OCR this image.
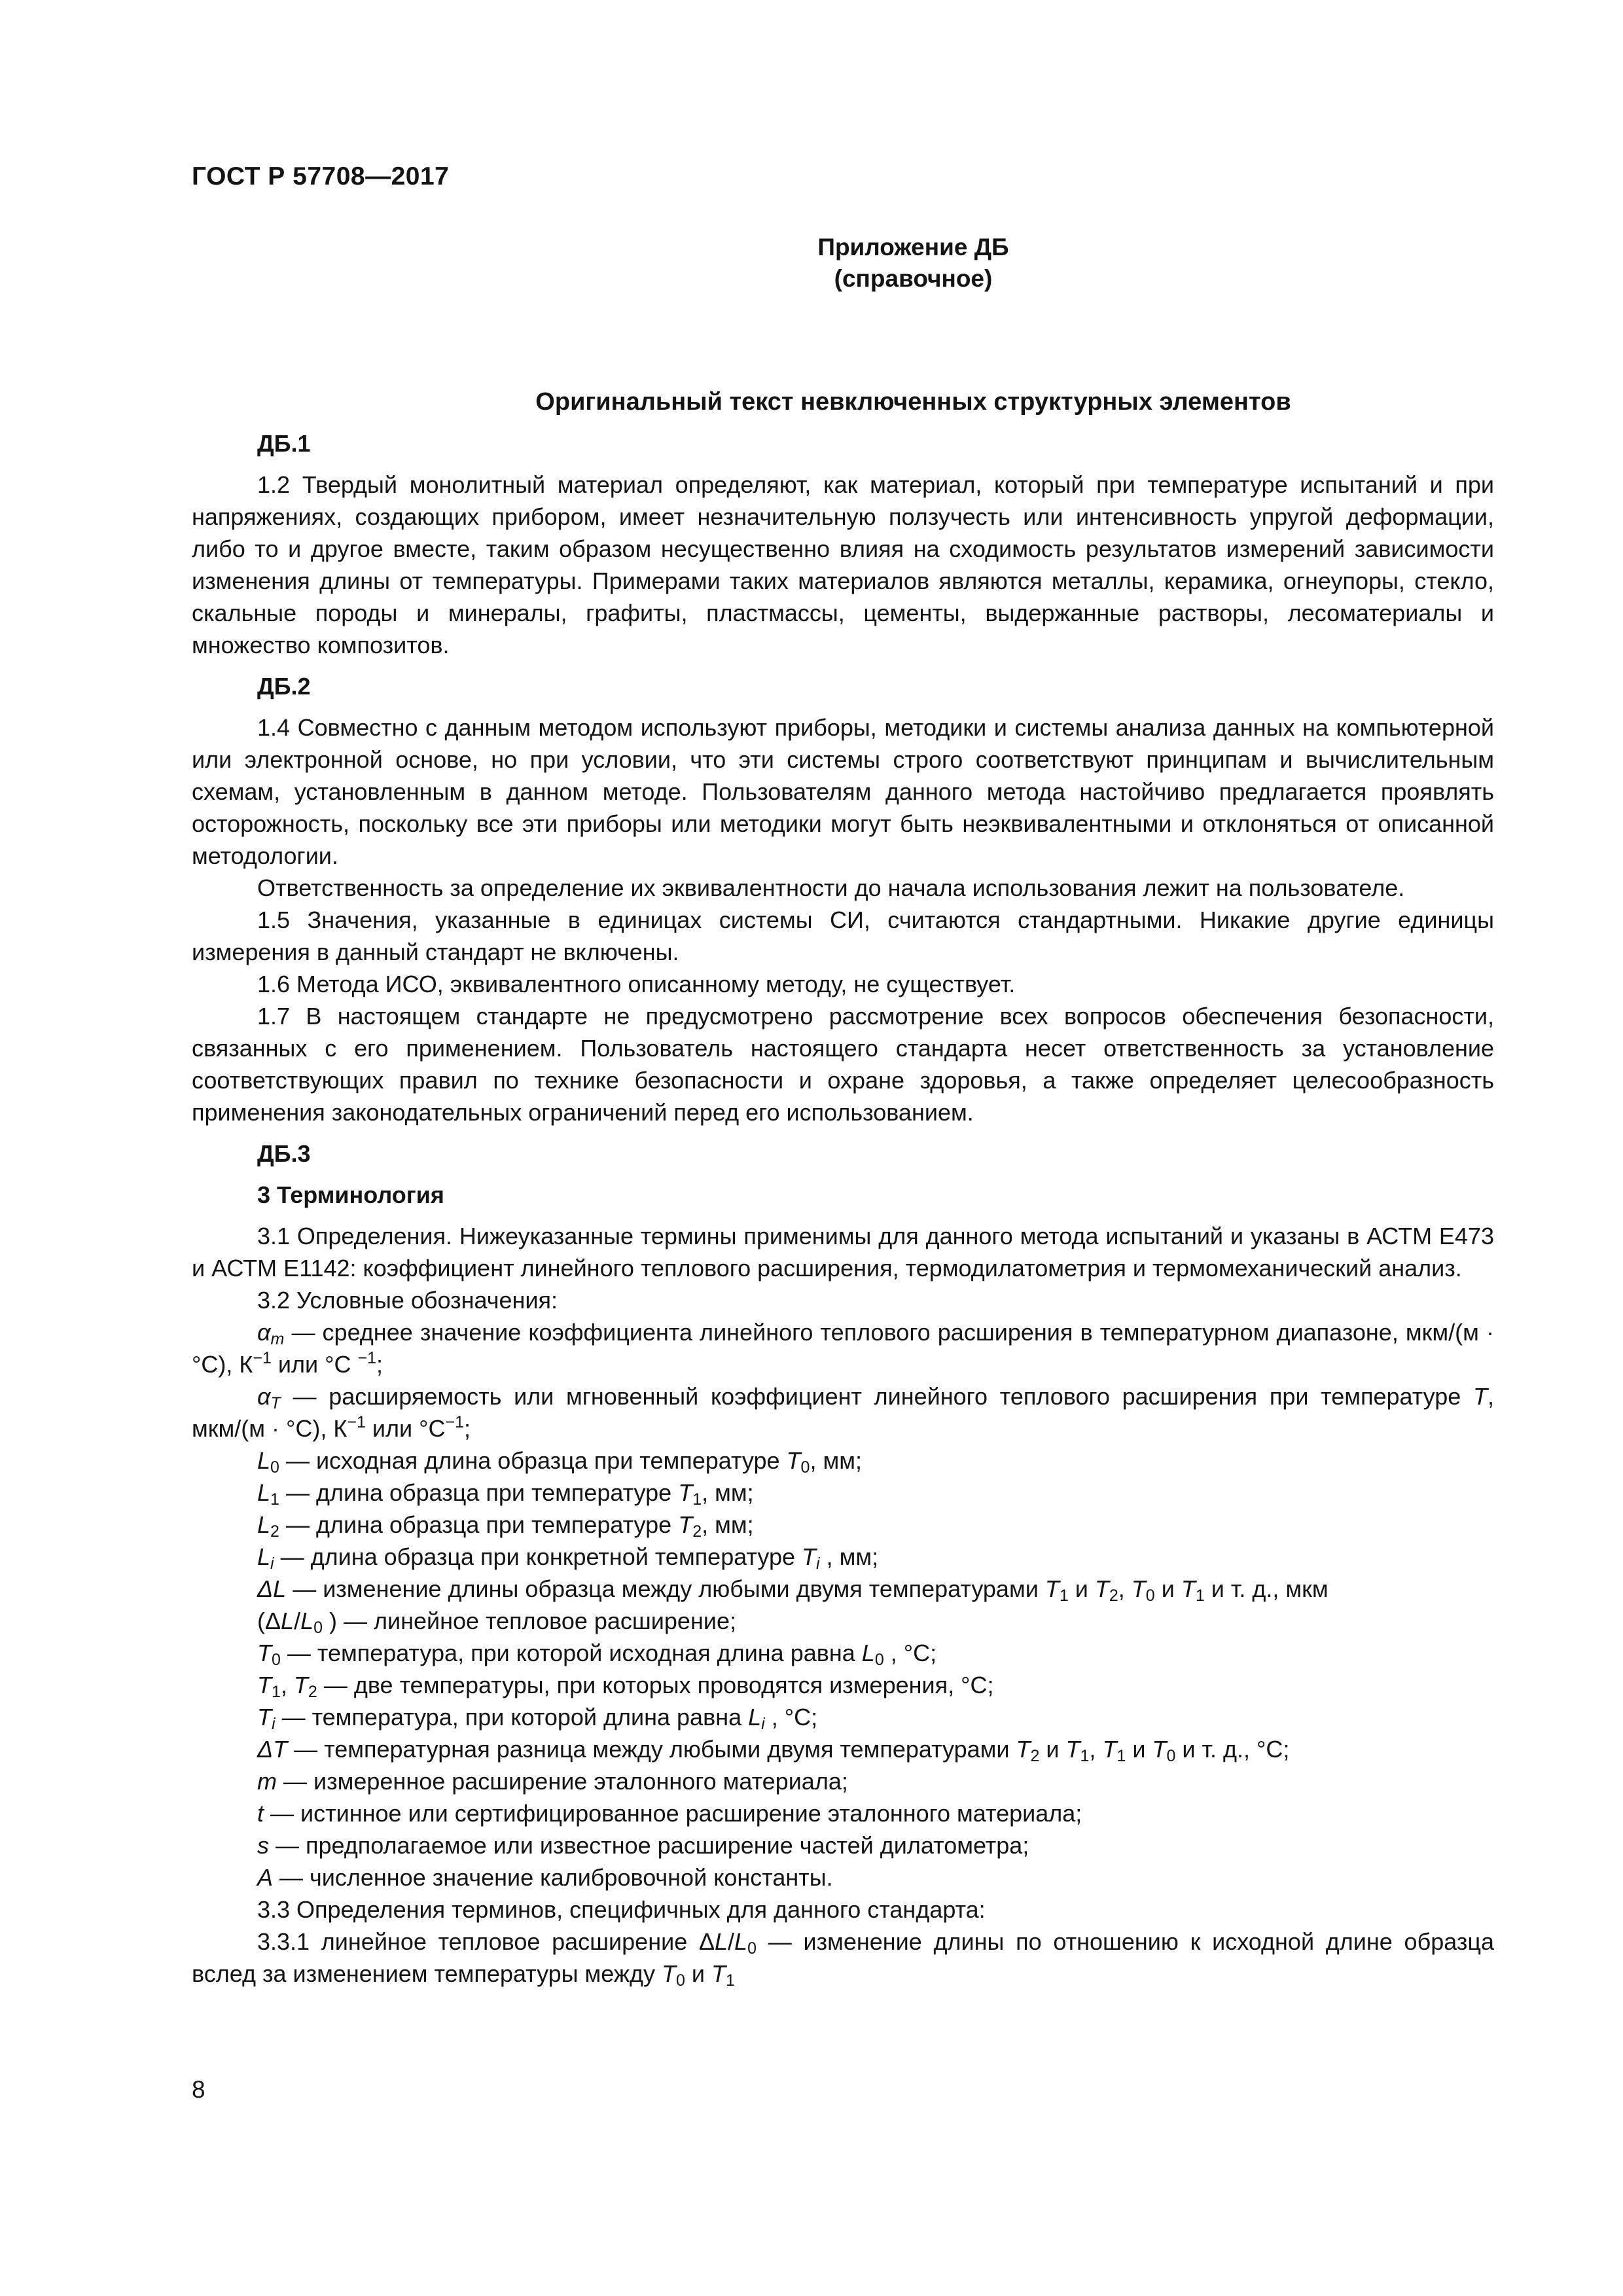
ГОСТ Р 57708—2017
Приложение ДБ
(справочное)
Оригинальный текст невключенных структурных элементов
ДБ.1

1.2 Твердый монолитный материал определяют, как материал, который при температуре испытаний и при напряжениях, создающих прибором, имеет незначительную ползучесть или интенсивность упругой деформации, либо то и другое вместе, таким образом несущественно влияя на сходимость результатов измерений зависимости изменения длины от температуры. Примерами таких материалов являются металлы, керамика, огнеупоры, стекло, скальные породы и минералы, графиты, пластмассы, цементы, выдержанные растворы, лесоматериалы и множество композитов.

ДБ.2

1.4 Совместно с данным методом используют приборы, методики и системы анализа данных на компьютерной или электронной основе, но при условии, что эти системы строго соответствуют принципам и вычислительным схемам, установленным в данном методе. Пользователям данного метода настойчиво предлагается проявлять осторожность, поскольку все эти приборы или методики могут быть неэквивалентными и отклоняться от описанной методологии.

Ответственность за определение их эквивалентности до начала использования лежит на пользователе.

1.5 Значения, указанные в единицах системы СИ, считаются стандартными. Никакие другие единицы измерения в данный стандарт не включены.

1.6 Метода ИСО, эквивалентного описанному методу, не существует.

1.7 В настоящем стандарте не предусмотрено рассмотрение всех вопросов обеспечения безопасности, связанных с его применением. Пользователь настоящего стандарта несет ответственность за установление соответствующих правил по технике безопасности и охране здоровья, а также определяет целесообразность применения законодательных ограничений перед его использованием.

ДБ.3
3 Терминология

3.1 Определения. Нижеуказанные термины применимы для данного метода испытаний и указаны в АСТМ Е473 и АСТМ Е1142: коэффициент линейного теплового расширения, термодилатометрия и термомеханический анализ.

3.2 Условные обозначения:

$\alpha_m$ — среднее значение коэффициента линейного теплового расширения в температурном диапазоне, мкм/(м · °С), $К^{-1}$ или °С $^{-1}$;

$\alpha_T$ — расширяемость или мгновенный коэффициент линейного теплового расширения при температуре T, мкм/(м · °С), $К^{-1}$ или $^\circ С^{-1}$;

$L_0$ — исходная длина образца при температуре $T_0$, мм;

$L_1$ — длина образца при температуре $T_1$, мм;

$L_2$ — длина образца при температуре $T_2$, мм;

$L_i$ — длина образца при конкретной температуре $T_i$ , мм;

ΔL — изменение длины образца между любыми двумя температурами $T_1$ и $T_2$, $T_0$ и $T_1$ и т. д., мкм

($\Delta L/L_0$ ) — линейное тепловое расширение;

$T_0$ — температура, при которой исходная длина равна $L_0$ , °С;

$T_1$, $T_2$ — две температуры, при которых проводятся измерения, °С;

$T_i$ — температура, при которой длина равна $L_i$ , °С;

ΔT — температурная разница между любыми двумя температурами $T_2$ и $T_1$, $T_1$ и $T_0$ и т. д., °С;

m — измеренное расширение эталонного материала;

t — истинное или сертифицированное расширение эталонного материала;

s — предполагаемое или известное расширение частей дилатометра;

A — численное значение калибровочной константы.

3.3 Определения терминов, специфичных для данного стандарта:

3.3.1 линейное тепловое расширение $\Delta L/L_0$ — изменение длины по отношению к исходной длине образца вслед за изменением температуры между $T_0$ и $T_1$

8
